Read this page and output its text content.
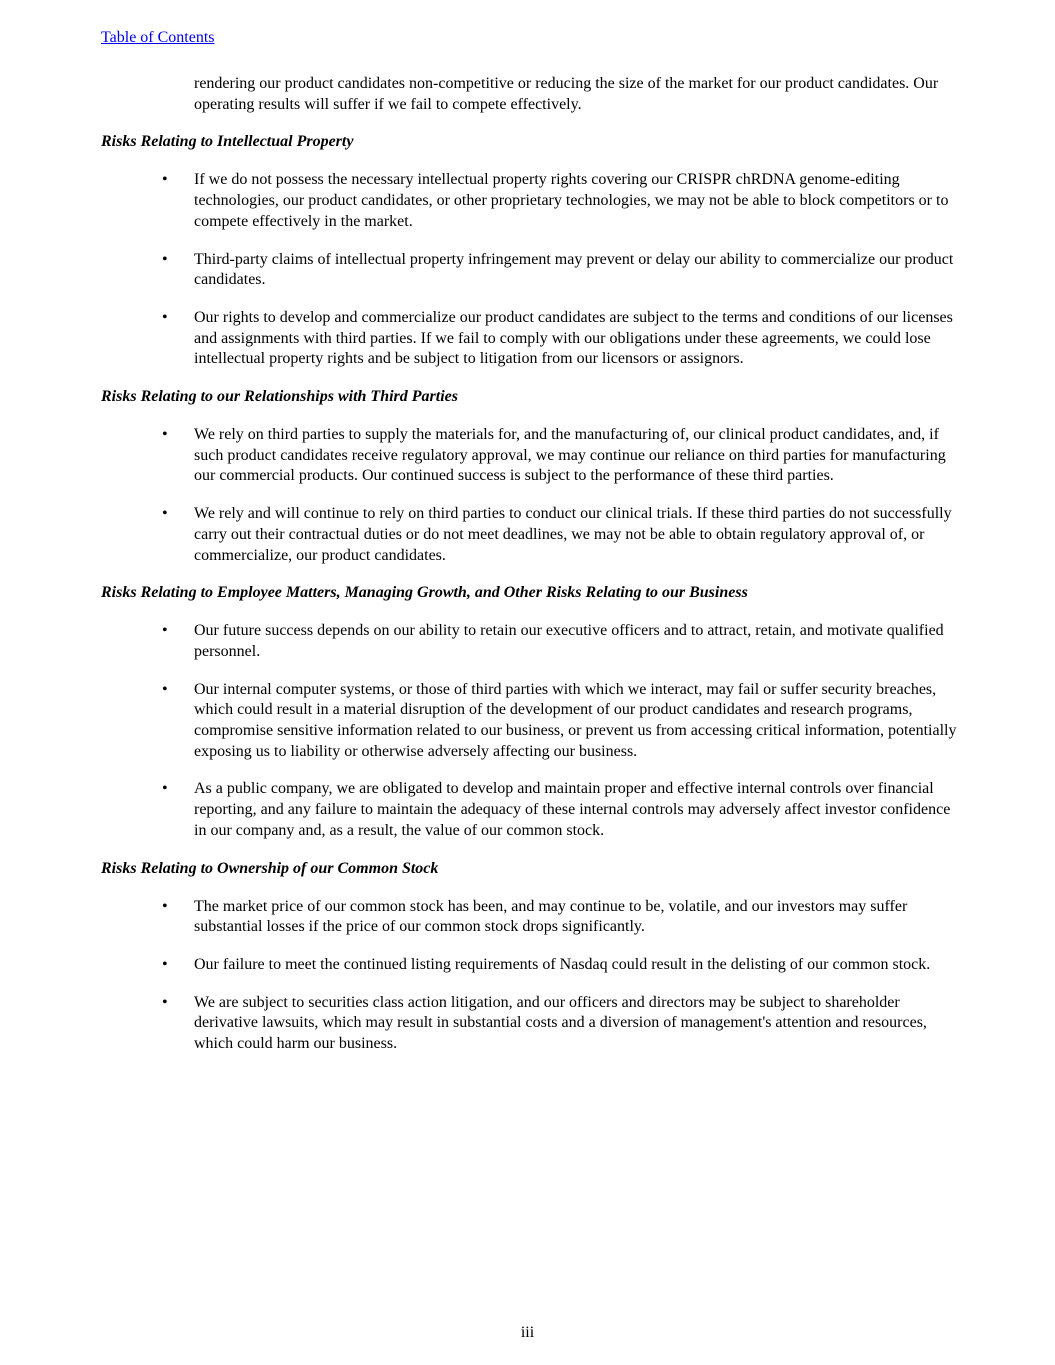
Table of Contents

rendering our product candidates non-competitive or reducing the size of the market for our product candidates. Our operating results will suffer if we fail to compete effectively.

Risks Relating to Intellectual Property

• If we do not possess the necessary intellectual property rights covering our CRISPR chRDNA genome-editing technologies, our product candidates, or other proprietary technologies, we may not be able to block competitors or to compete effectively in the market.
• Third-party claims of intellectual property infringement may prevent or delay our ability to commercialize our product candidates.
• Our rights to develop and commercialize our product candidates are subject to the terms and conditions of our licenses and assignments with third parties. If we fail to comply with our obligations under these agreements, we could lose intellectual property rights and be subject to litigation from our licensors or assignors.

Risks Relating to our Relationships with Third Parties

• We rely on third parties to supply the materials for, and the manufacturing of, our clinical product candidates, and, if such product candidates receive regulatory approval, we may continue our reliance on third parties for manufacturing our commercial products. Our continued success is subject to the performance of these third parties.
• We rely and will continue to rely on third parties to conduct our clinical trials. If these third parties do not successfully carry out their contractual duties or do not meet deadlines, we may not be able to obtain regulatory approval of, or commercialize, our product candidates.

Risks Relating to Employee Matters, Managing Growth, and Other Risks Relating to our Business

• Our future success depends on our ability to retain our executive officers and to attract, retain, and motivate qualified personnel.
• Our internal computer systems, or those of third parties with which we interact, may fail or suffer security breaches, which could result in a material disruption of the development of our product candidates and research programs, compromise sensitive information related to our business, or prevent us from accessing critical information, potentially exposing us to liability or otherwise adversely affecting our business.
• As a public company, we are obligated to develop and maintain proper and effective internal controls over financial reporting, and any failure to maintain the adequacy of these internal controls may adversely affect investor confidence in our company and, as a result, the value of our common stock.

Risks Relating to Ownership of our Common Stock

• The market price of our common stock has been, and may continue to be, volatile, and our investors may suffer substantial losses if the price of our common stock drops significantly.
• Our failure to meet the continued listing requirements of Nasdaq could result in the delisting of our common stock.
• We are subject to securities class action litigation, and our officers and directors may be subject to shareholder derivative lawsuits, which may result in substantial costs and a diversion of management's attention and resources, which could harm our business.
iii
